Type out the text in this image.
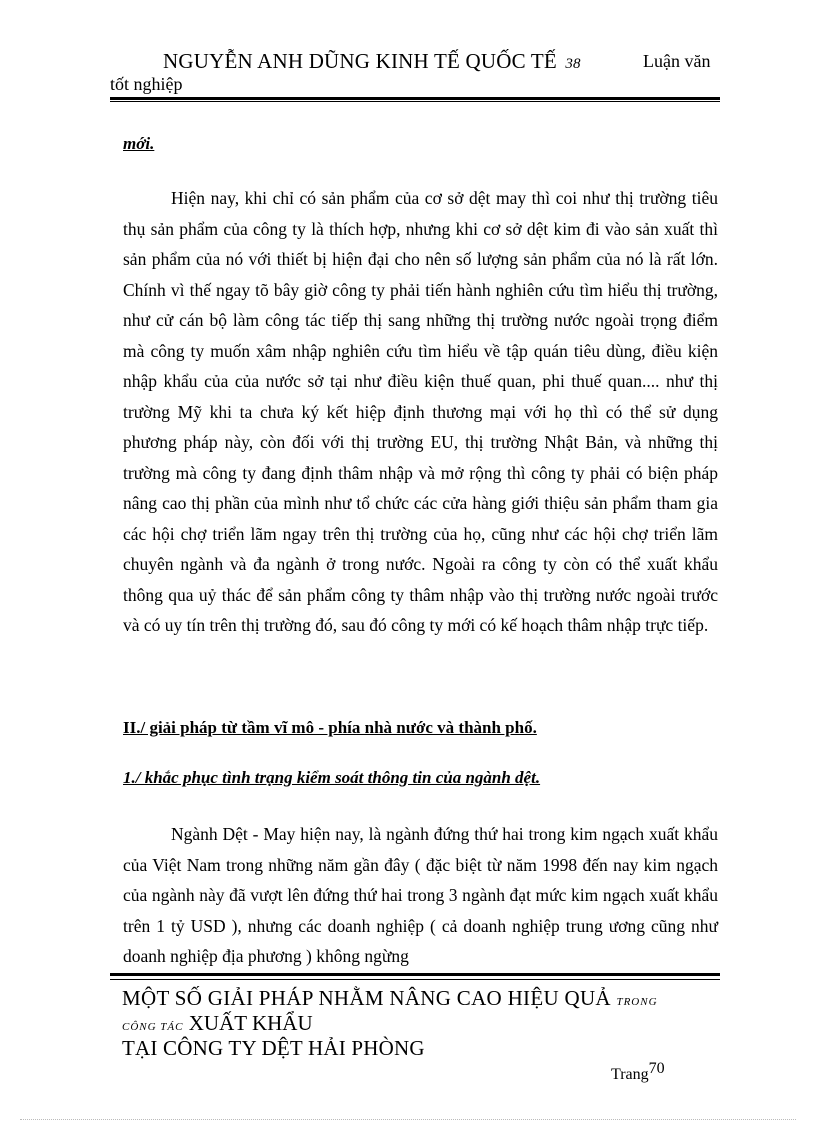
NGUYỄN ANH DŨNG KINH TẾ QUỐC TẾ 38	Luận văn
tốt nghiệp
mới.
Hiện nay, khi chỉ có sản phẩm của cơ sở dệt may thì coi như thị trường tiêu thụ sản phẩm của công ty là thích hợp, nhưng khi cơ sở dệt kim đi vào sản xuất thì sản phẩm của nó với thiết bị hiện đại cho nên số lượng sản phẩm của nó là rất lớn. Chính vì thế ngay tõ bây giờ công ty phải tiến hành nghiên cứu tìm hiểu thị trường, như cử cán bộ làm công tác tiếp thị sang những thị trường nước ngoài trọng điểm mà công ty muốn xâm nhập nghiên cứu tìm hiểu về tập quán tiêu dùng, điều kiện nhập khẩu của của nước sở tại như điều kiện thuế quan, phi thuế quan.... như thị trường Mỹ khi ta chưa ký kết hiệp định thương mại với họ thì có thể sử dụng phương pháp này, còn đối với thị trường EU, thị trường Nhật Bản, và những thị trường mà công ty đang định thâm nhập và mở rộng thì công ty phải có biện pháp nâng cao thị phần của mình như tổ chức các cửa hàng giới thiệu sản phẩm tham gia các hội chợ triển lãm ngay trên thị trường của họ, cũng như các hội chợ triển lãm chuyên ngành và đa ngành ở trong nước. Ngoài ra công ty còn có thể xuất khẩu thông qua uỷ thác để sản phẩm công ty thâm nhập vào thị trường nước ngoài trước và có uy tín trên thị trường đó, sau đó công ty mới có kế hoạch thâm nhập trực tiếp.
II./ giải pháp từ tầm vĩ mô - phía nhà nước và thành phố.
1./ khắc phục tình trạng kiểm soát thông tin của ngành dệt.
Ngành Dệt - May hiện nay, là ngành đứng thứ hai trong kim ngạch xuất khẩu của Việt Nam trong những năm gần đây ( đặc biệt từ năm 1998 đến nay kim ngạch của ngành này đã vượt lên đứng thứ hai trong 3 ngành đạt mức kim ngạch xuất khẩu trên 1 tỷ USD ), nhưng các doanh nghiệp ( cả doanh nghiệp trung ương cũng như doanh nghiệp địa phương ) không ngừng
MỘT SỐ GIẢI PHÁP NHẰM NÂNG CAO HIỆU QUẢ TRONG
CÔNG TÁC XUẤT KHẨU
TẠI CÔNG TY DỆT HẢI PHÒNG
Trang70
